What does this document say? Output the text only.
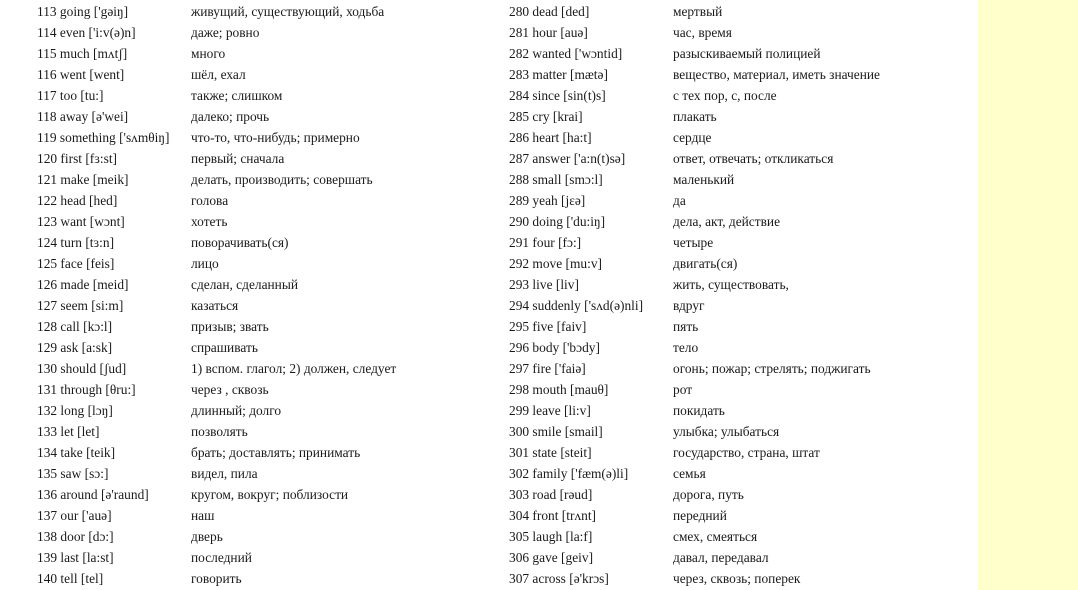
113 going ['gəiŋ]	живущий, существующий, ходьба
114 even ['i:v(ə)n]	даже; ровно
115 much [mʌtʃ]	много
116 went [went]	шёл, ехал
117 too [tu:]	также; слишком
118 away [ə'wei]	далеко; прочь
119 something ['sʌmθiŋ] что-то, что-нибудь; примерно
120 first [fɜ:st]	первый; сначала
121 make [meik]	делать, производить; совершать
122 head [hed]	голова
123 want [wɔnt]	хотеть
124 turn [tɜ:n]	поворачивать(ся)
125 face [feis]	лицо
126 made [meid]	сделан, сделанный
127 seem [si:m]	казаться
128 call [kɔ:l]	призыв; звать
129 ask [a:sk]	спрашивать
130 should [ʃud]	1) вспом. глагол; 2) должен, следует
131 through [θru:]	через , сквозь
132 long [lɔŋ]	длинный; долго
133 let [let]	позволять
134 take [teik]	брать; доставлять; принимать
135 saw [sɔ:]	видел, пила
136 around [ə'raund]	кругом, вокруг; поблизости
137 our ['auə]	наш
138 door [dɔ:]	дверь
139 last [la:st]	последний
140 tell [tel]	говорить
280 dead [ded]	мертвый
281 hour [auə]	час, время
282 wanted ['wɔntid]	разыскиваемый полицией
283 matter [mætə]	вещество, материал, иметь значение
284 since [sin(t)s]	с тех пор, с, после
285 cry [krai]	плакать
286 heart [ha:t]	сердце
287 answer ['a:n(t)sə]	ответ, отвечать; откликаться
288 small [smɔ:l]	маленький
289 yeah [jɛə]	да
290 doing ['du:iŋ]	дела, акт, действие
291 four [fɔ:]	четыре
292 move [mu:v]	двигать(ся)
293 live [liv]	жить, существовать,
294 suddenly ['sʌd(ə)nli] вдруг
295 five [faiv]	пять
296 body ['bɔdy]	тело
297 fire ['faiə]	огонь; пожар; стрелять; поджигать
298 mouth [mauθ]	рот
299 leave [li:v]	покидать
300 smile [smail]	улыбка; улыбаться
301 state [steit]	государство, страна, штат
302 family ['fæm(ə)li]	семья
303 road [rəud]	дорога, путь
304 front [trʌnt]	передний
305 laugh [la:f]	смех, смеяться
306 gave [geiv]	давал, передавал
307 across [ə'krɔs]	через, сквозь; поперек
